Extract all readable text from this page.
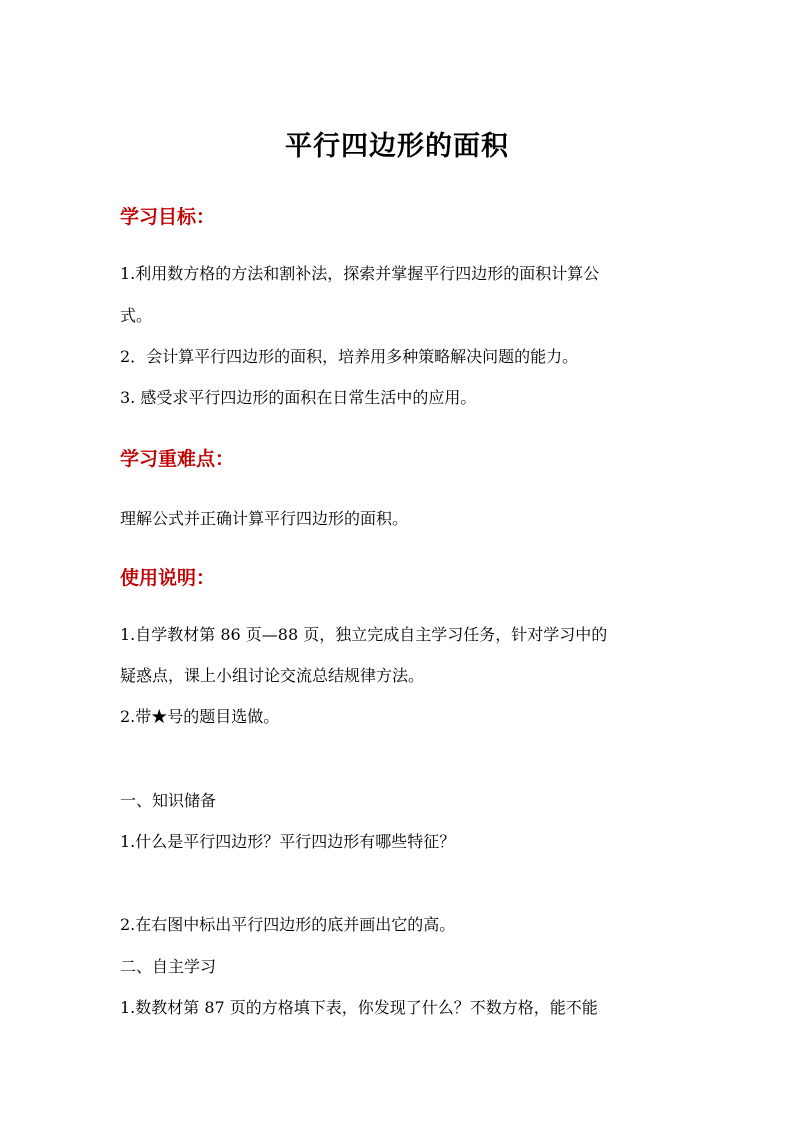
平行四边形的面积
学习目标：
1.利用数方格的方法和割补法，探索并掌握平行四边形的面积计算公
式。
2．会计算平行四边形的面积，培养用多种策略解决问题的能力。
3. 感受求平行四边形的面积在日常生活中的应用。
学习重难点：
理解公式并正确计算平行四边形的面积。
使用说明：
1.自学教材第 86 页—88 页，独立完成自主学习任务，针对学习中的
疑惑点，课上小组讨论交流总结规律方法。
2.带★号的题目选做。
一、知识储备
1.什么是平行四边形？平行四边形有哪些特征？
2.在右图中标出平行四边形的底并画出它的高。
二、自主学习
1.数教材第 87 页的方格填下表，你发现了什么？不数方格，能不能
